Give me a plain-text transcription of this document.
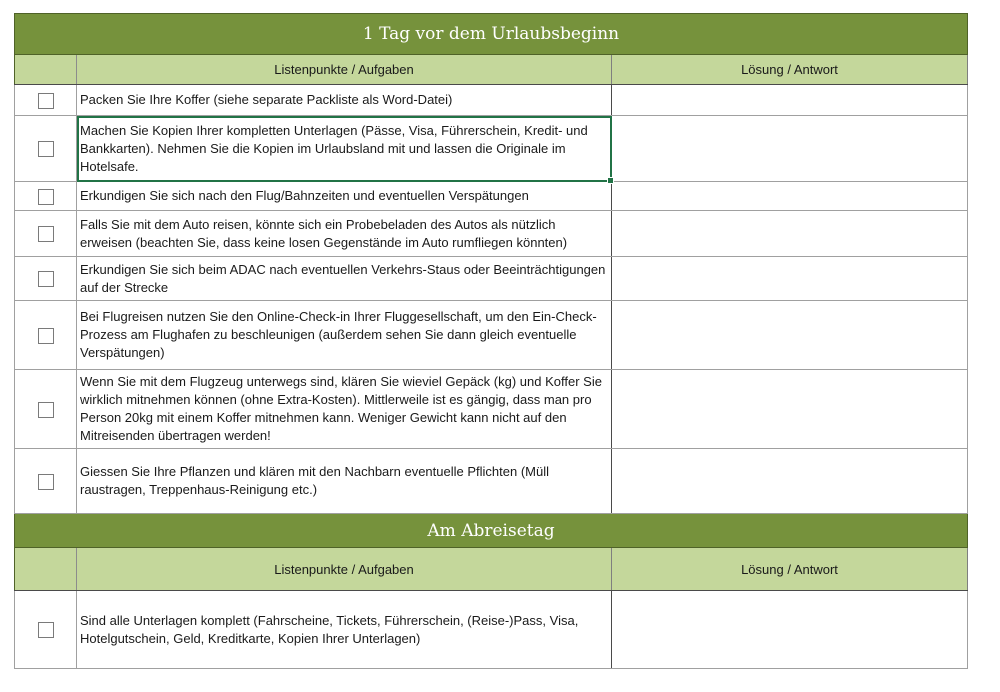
1 Tag vor dem Urlaubsbeginn		
	Listenpunkte / Aufgaben	Lösung / Antwort
	Packen Sie Ihre Koffer (siehe separate Packliste als Word-Datei)	
	Machen Sie Kopien Ihrer kompletten Unterlagen (Pässe, Visa, Führerschein, Kredit- und Bankkarten). Nehmen Sie die Kopien im Urlaubsland mit und lassen die Originale im Hotelsafe.

	Erkundigen Sie sich nach den Flug/Bahnzeiten und eventuellen Verspätungen	
	Falls Sie mit dem Auto reisen, könnte sich ein Probebeladen des Autos als nützlich erweisen (beachten Sie, dass keine losen Gegenstände im Auto rumfliegen könnten)	
	Erkundigen Sie sich beim ADAC nach eventuellen Verkehrs-Staus oder Beeinträchtigungen auf der Strecke	
	Bei Flugreisen nutzen Sie den Online-Check-in Ihrer Fluggesellschaft, um den Ein-Check-Prozess am Flughafen zu beschleunigen (außerdem sehen Sie dann gleich eventuelle Verspätungen)	
	Wenn Sie mit dem Flugzeug unterwegs sind, klären Sie wieviel Gepäck (kg) und Koffer Sie wirklich mitnehmen können (ohne Extra-Kosten). Mittlerweile ist es gängig, dass man pro Person 20kg mit einem Koffer mitnehmen kann. Weniger Gewicht kann nicht auf den Mitreisenden übertragen werden!	
	Giessen Sie Ihre Pflanzen und klären mit den Nachbarn eventuelle Pflichten (Müll raustragen, Treppenhaus-Reinigung etc.)	
Am Abreisetag		
	Listenpunkte / Aufgaben	Lösung / Antwort
	Sind alle Unterlagen komplett (Fahrscheine, Tickets, Führerschein, (Reise-)Pass, Visa, Hotelgutschein, Geld, Kreditkarte, Kopien Ihrer Unterlagen)	
